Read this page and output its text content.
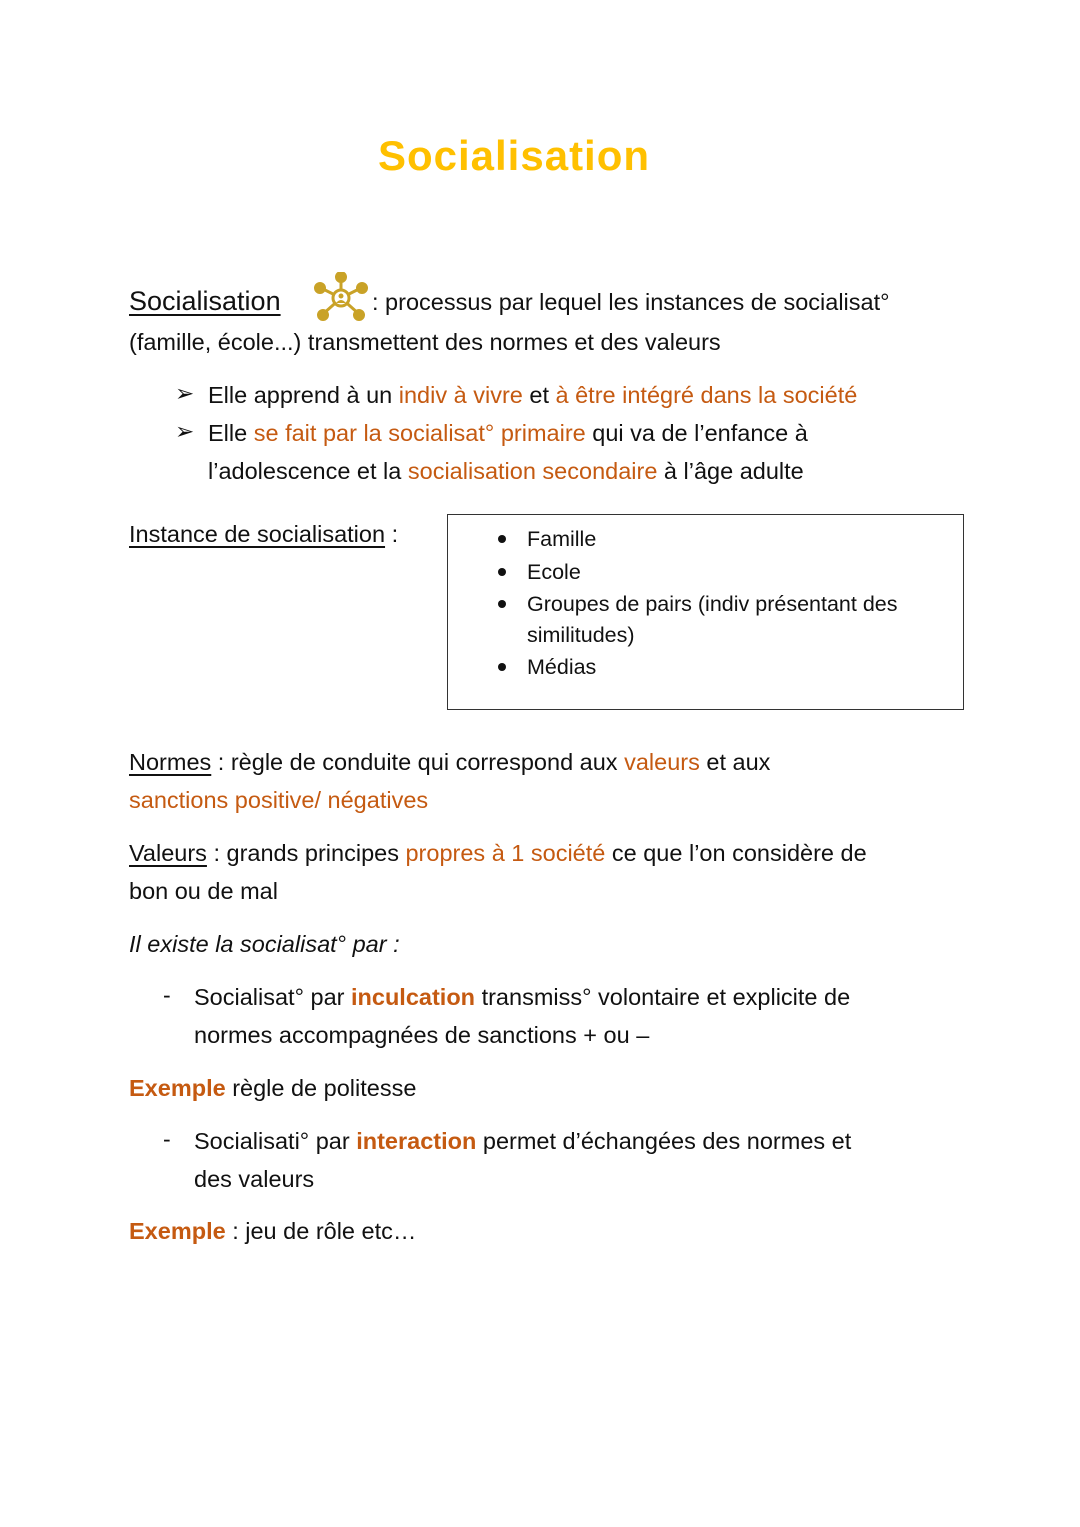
Socialisation
Socialisation	: processus par lequel les instances de socialisat°
(famille, école...) transmettent des normes et des valeurs
➢ Elle apprend à un indiv à vivre et à être intégré dans la société
➢ Elle se fait par la socialisat° primaire qui va de l’enfance à
l’adolescence et la socialisation secondaire à l’âge adulte
Instance de socialisation :	Famille
Ecole
Groupes de pairs (indiv présentant des
similitudes)
Médias
Normes : règle de conduite qui correspond aux valeurs et aux
sanctions positive/ négatives
Valeurs : grands principes propres à 1 société ce que l’on considère de
bon ou de mal
Il existe la socialisat° par :
- Socialisat° par inculcation transmiss° volontaire et explicite de
normes accompagnées de sanctions + ou –
Exemple règle de politesse
- Socialisati° par interaction permet d’échangées des normes et
des valeurs
Exemple : jeu de rôle etc…
